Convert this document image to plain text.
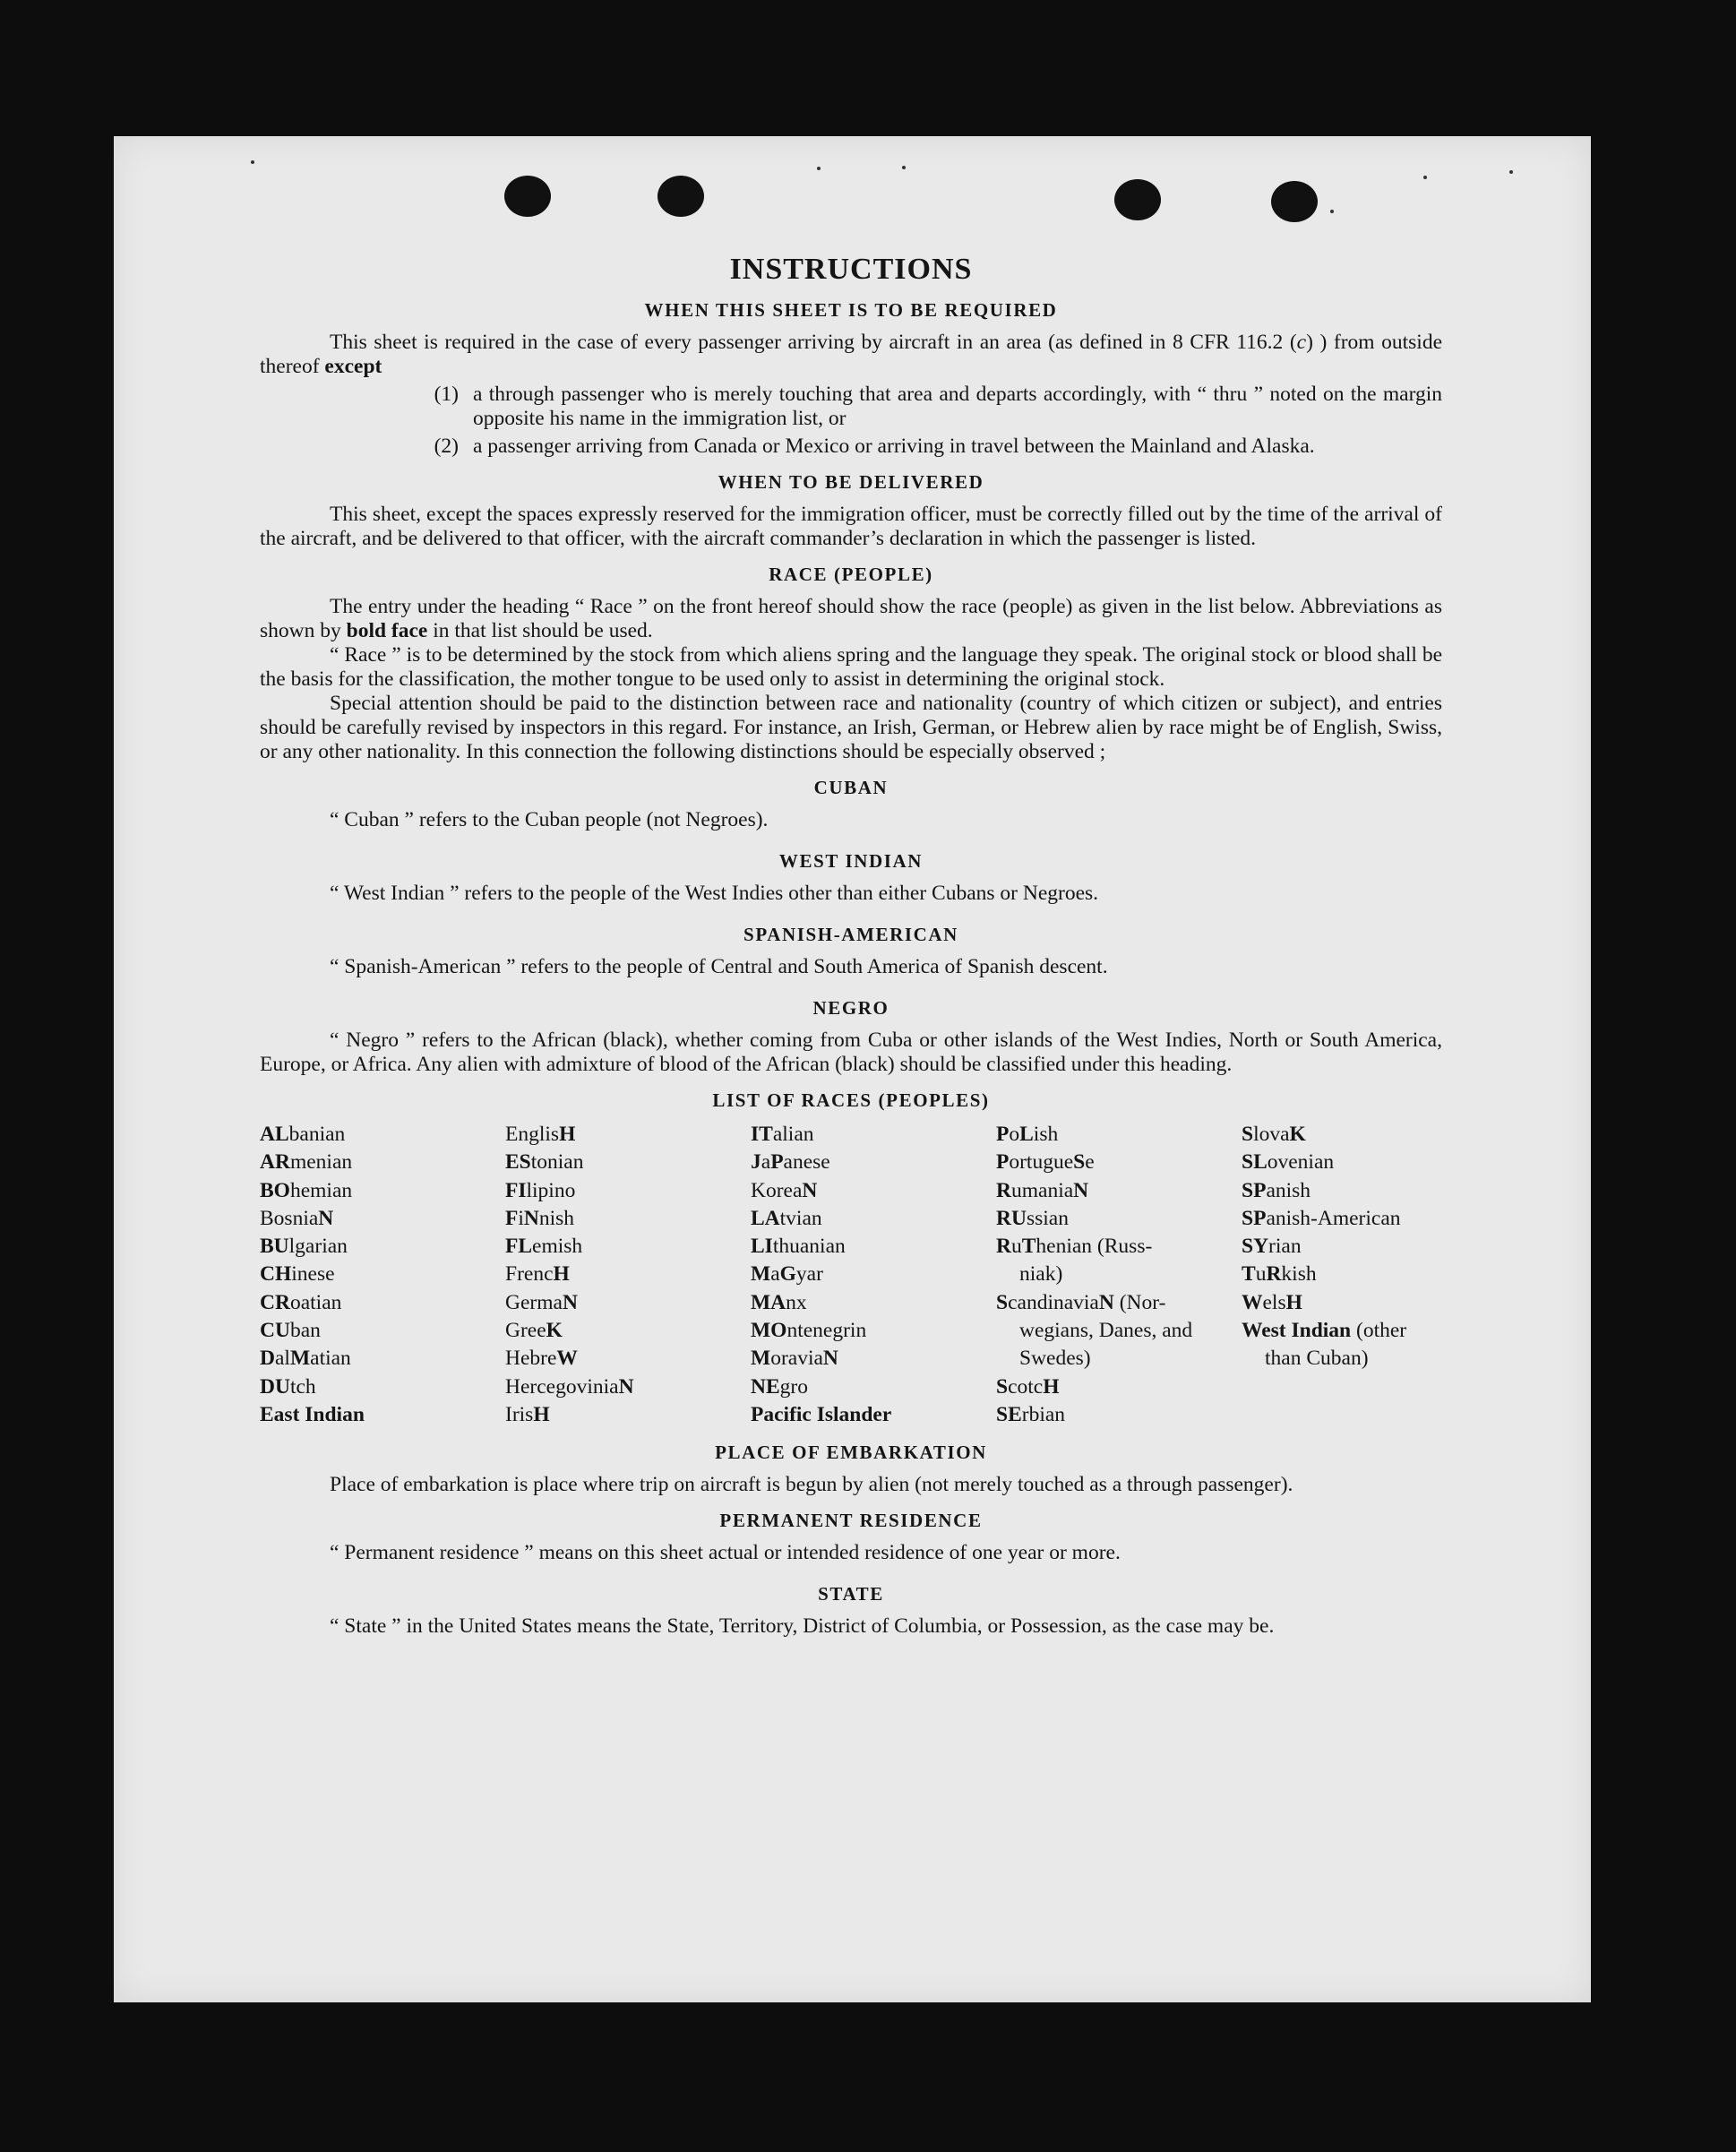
INSTRUCTIONS
WHEN THIS SHEET IS TO BE REQUIRED

This sheet is required in the case of every passenger arriving by aircraft in an area (as defined in 8 CFR 116.2 (c) ) from outside thereof except

(1) a through passenger who is merely touching that area and departs accordingly, with “ thru ” noted on the margin opposite his name in the immigration list, or
(2) a passenger arriving from Canada or Mexico or arriving in travel between the Mainland and Alaska.
WHEN TO BE DELIVERED

This sheet, except the spaces expressly reserved for the immigration officer, must be correctly filled out by the time of the arrival of the aircraft, and be delivered to that officer, with the aircraft commander’s declaration in which the passenger is listed.

RACE (PEOPLE)

The entry under the heading “ Race ” on the front hereof should show the race (people) as given in the list below. Abbreviations as shown by bold face in that list should be used.

“ Race ” is to be determined by the stock from which aliens spring and the language they speak. The original stock or blood shall be the basis for the classification, the mother tongue to be used only to assist in determining the original stock.

Special attention should be paid to the distinction between race and nationality (country of which citizen or subject), and entries should be carefully revised by inspectors in this regard. For instance, an Irish, German, or Hebrew alien by race might be of English, Swiss, or any other nationality. In this connection the following distinctions should be especially observed ;

CUBAN

“ Cuban ” refers to the Cuban people (not Negroes).

WEST INDIAN

“ West Indian ” refers to the people of the West Indies other than either Cubans or Negroes.

SPANISH-AMERICAN

“ Spanish-American ” refers to the people of Central and South America of Spanish descent.

NEGRO

“ Negro ” refers to the African (black), whether coming from Cuba or other islands of the West Indies, North or South America, Europe, or Africa. Any alien with admixture of blood of the African (black) should be classified under this heading.

LIST OF RACES (PEOPLES)
ALbanian
ARmenian
BOhemian
BosniaN
BUlgarian
CHinese
CRoatian
CUban
DalMatian
DUtch
East Indian
EnglisH
EStonian
FIlipino
FiNnish
FLemish
FrencH
GermaN
GreeK
HebreW
HercegoviniaN
IrisH
ITalian
JaPanese
KoreaN
LAtvian
LIthuanian
MaGyar
MAnx
MOntenegrin
MoraviaN
NEgro
Pacific Islander
PoLish
PortugueSe
RumaniaN
RUssian
RuThenian (Russ-
niak)
ScandinaviaN (Nor-
wegians, Danes, and Swedes)
ScotcH
SErbian
SlovaK
SLovenian
SPanish
SPanish-American
SYrian
TuRkish
WelsH
West Indian (other
than Cuban)
PLACE OF EMBARKATION

Place of embarkation is place where trip on aircraft is begun by alien (not merely touched as a through passenger).

PERMANENT RESIDENCE

“ Permanent residence ” means on this sheet actual or intended residence of one year or more.

STATE

“ State ” in the United States means the State, Territory, District of Columbia, or Possession, as the case may be.
